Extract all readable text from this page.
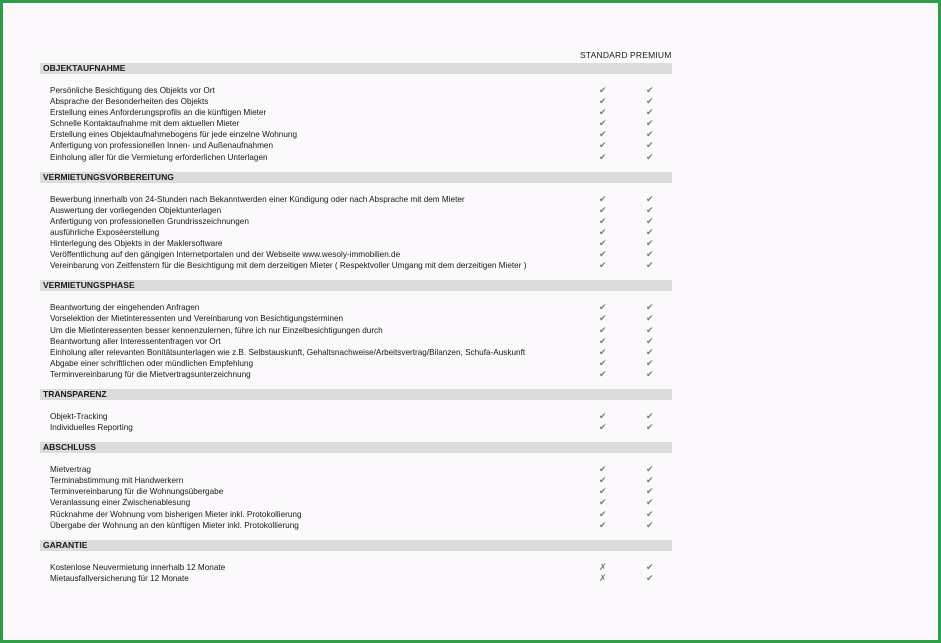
STANDARD PREMIUM
OBJEKTAUFNAHME
Persönliche Besichtigung des Objekts vor Ort	✔	✔
Absprache der Besonderheiten des Objekts	✔	✔
Erstellung eines Anforderungsprofils an die künftigen Mieter	✔	✔
Schnelle Kontaktaufnahme mit dem aktuellen Mieter	✔	✔
Erstellung eines Objektaufnahmebogens für jede einzelne Wohnung	✔	✔
Anfertigung von professionellen Innen- und Außenaufnahmen	✔	✔
Einholung aller für die Vermietung erforderlichen Unterlagen	✔	✔
VERMIETUNGSVORBEREITUNG
Bewerbung innerhalb von 24-Stunden nach Bekanntwerden einer Kündigung oder nach Absprache mit dem Mieter	✔	✔
Auswertung der vorliegenden Objektunterlagen	✔	✔
Anfertigung von professionellen Grundrisszeichnungen	✔	✔
ausführliche Exposéerstellung	✔	✔
Hinterlegung des Objekts in der Maklersoftware	✔	✔
Veröffentlichung auf den gängigen Internetportalen und der Webseite www.wesoly-immobilien.de	✔	✔
Vereinbarung von Zeitfenstern für die Besichtigung mit dem derzeitigen Mieter ( Respektvoller Umgang mit dem derzeitigen Mieter )	✔	✔
VERMIETUNGSPHASE
Beantwortung der eingehenden Anfragen	✔	✔
Vorselektion der Mietinteressenten und Vereinbarung von Besichtigungsterminen	✔	✔
Um die Mietinteressenten besser kennenzulernen, führe ich nur Einzelbesichtigungen durch	✔	✔
Beantwortung aller Interessentenfragen vor Ort	✔	✔
Einholung aller relevanten Bonitätsunterlagen wie z.B. Selbstauskunft, Gehaltsnachweise/Arbeitsvertrag/Bilanzen, Schufa-Auskunft	✔	✔
Abgabe einer schriftlichen oder mündlichen Empfehlung	✔	✔
Terminvereinbarung für die Mietvertragsunterzeichnung	✔	✔
TRANSPARENZ
Objekt-Tracking	✔	✔
Individuelles Reporting	✔	✔
ABSCHLUSS
Mietvertrag	✔	✔
Terminabstimmung mit Handwerkern	✔	✔
Terminvereinbarung für die Wohnungsübergabe	✔	✔
Veranlassung einer Zwischenablesung	✔	✔
Rücknahme der Wohnung vom bisherigen Mieter inkl. Protokollierung	✔	✔
Übergabe der Wohnung an den künftigen Mieter inkl. Protokollierung	✔	✔
GARANTIE
Kostenlose Neuvermietung innerhalb 12 Monate	✗	✔
Mietausfallversicherung für 12 Monate	✗	✔
